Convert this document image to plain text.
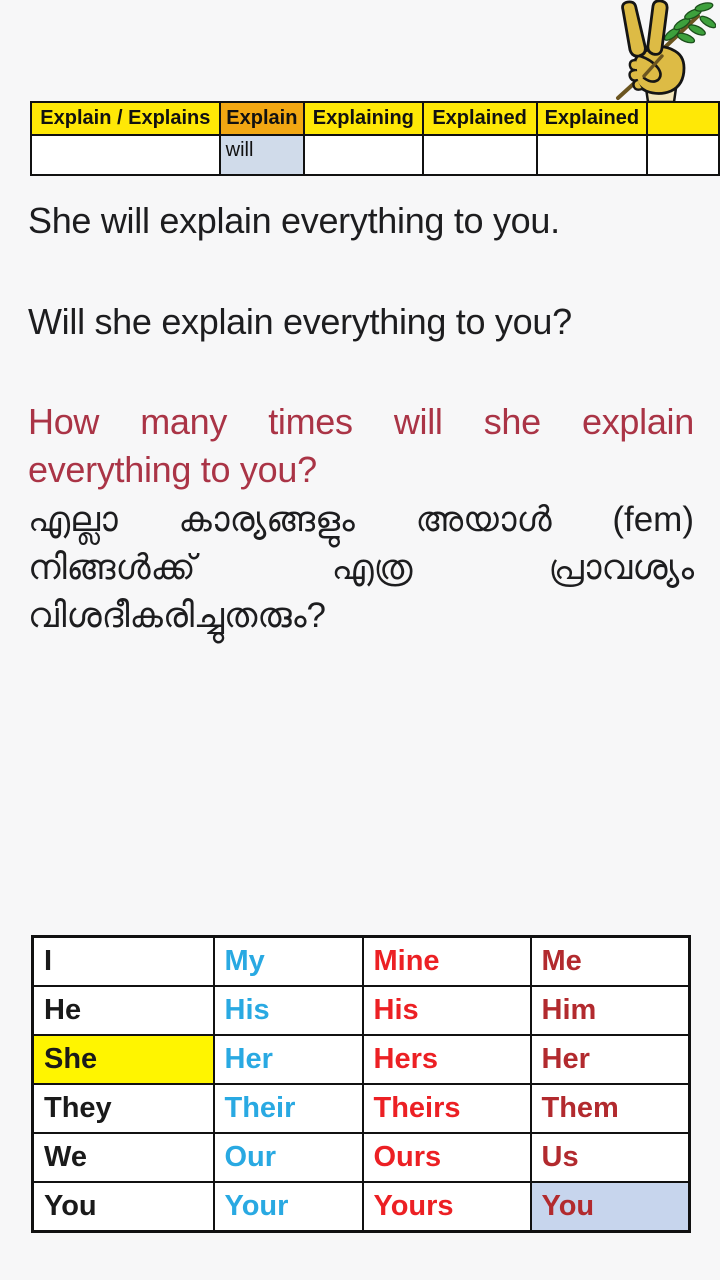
Explain / Explains	Explain	Explaining	Explained	Explained	
	will				
She will explain everything to you.
Will she explain everything to you?
How many times will she explain
everything to you?
എല്ലാ കാര്യങ്ങളും അയാൾ (fem)
നിങ്ങൾക്ക്	എത്ര	പ്രാവശ്യം
വിശദീകരിച്ചുതരും?
I	My	Mine	Me
He	His	His	Him
She	Her	Hers	Her
They	Their	Theirs	Them
We	Our	Ours	Us
You	Your	Yours	You
